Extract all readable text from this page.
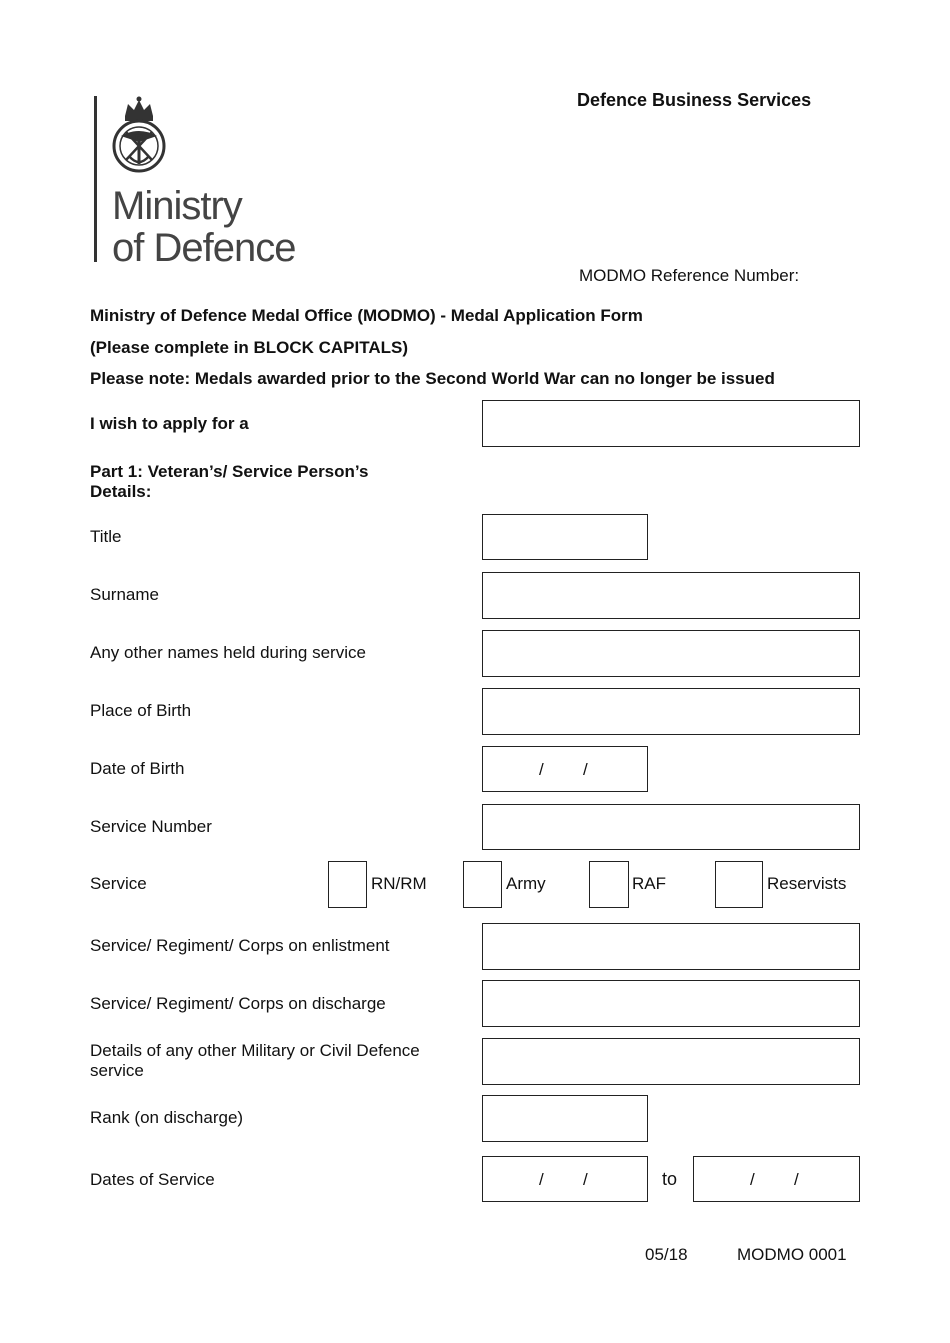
Ministry
of Defence
Defence Business Services
MODMO Reference Number:
Ministry of Defence Medal Office (MODMO) - Medal Application Form
(Please complete in BLOCK CAPITALS)
Please note: Medals awarded prior to the Second World War can no longer be issued
I wish to apply for a
Part 1: Veteran’s/ Service Person’s Details:
Title
Surname
Any other names held during service
Place of Birth
Date of Birth	/ /
Service Number
Service	RN/RM	Army	RAF	Reservists
Service/ Regiment/ Corps on enlistment
Service/ Regiment/ Corps on discharge
Details of any other Military or Civil Defence service
Rank (on discharge)
Dates of Service	/ /	to	/ /
05/18	MODMO 0001
